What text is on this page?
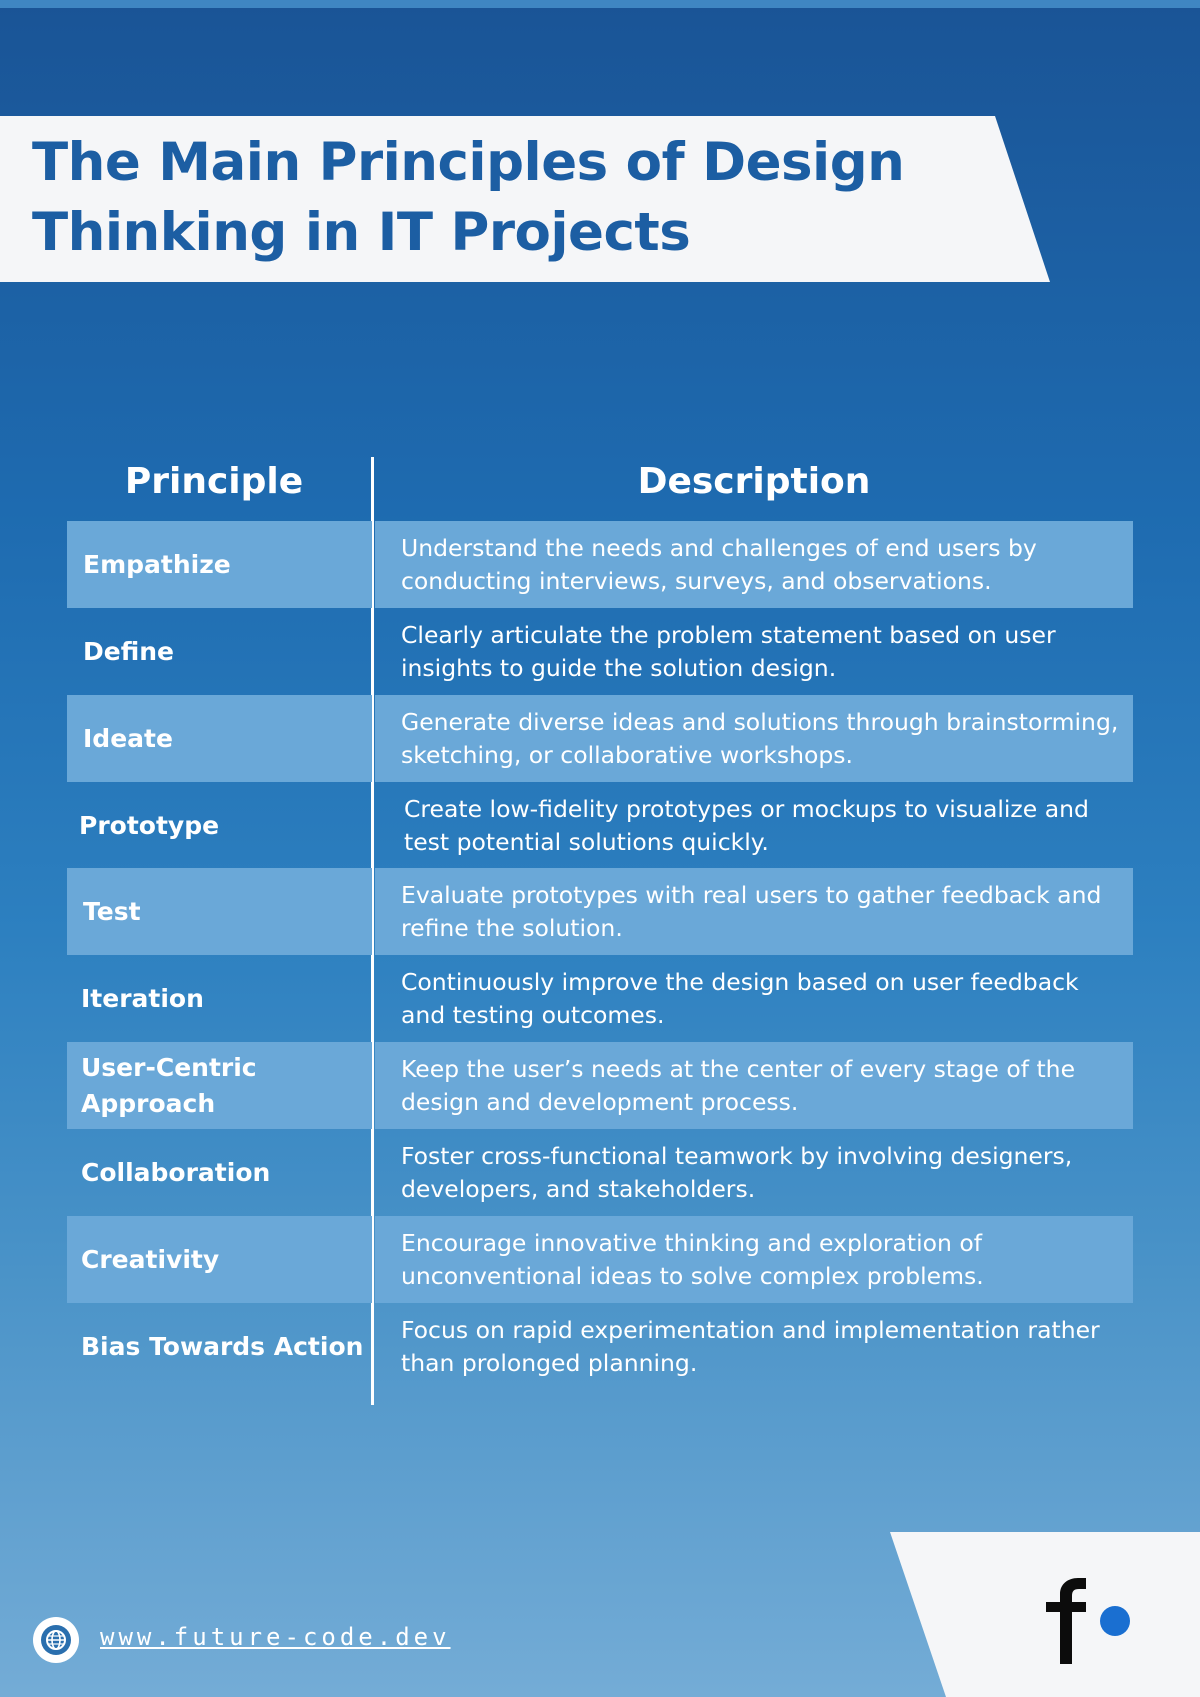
The Main Principles of Design
Thinking in IT Projects
Principle	Description
Empathize
Understand the needs and challenges of end users by conducting interviews, surveys, and observations.
Define
Clearly articulate the problem statement based on user insights to guide the solution design.
Ideate
Generate diverse ideas and solutions through brainstorming, sketching, or collaborative workshops.
Prototype
Create low-fidelity prototypes or mockups to visualize and test potential solutions quickly.
Test
Evaluate prototypes with real users to gather feedback and refine the solution.
Iteration
Continuously improve the design based on user feedback and testing outcomes.
User-Centric Approach
Keep the user’s needs at the center of every stage of the design and development process.
Collaboration
Foster cross-functional teamwork by involving designers, developers, and stakeholders.
Creativity
Encourage innovative thinking and exploration of unconventional ideas to solve complex problems.
Bias Towards Action
Focus on rapid experimentation and implementation rather than prolonged planning.
www.future-code.dev
